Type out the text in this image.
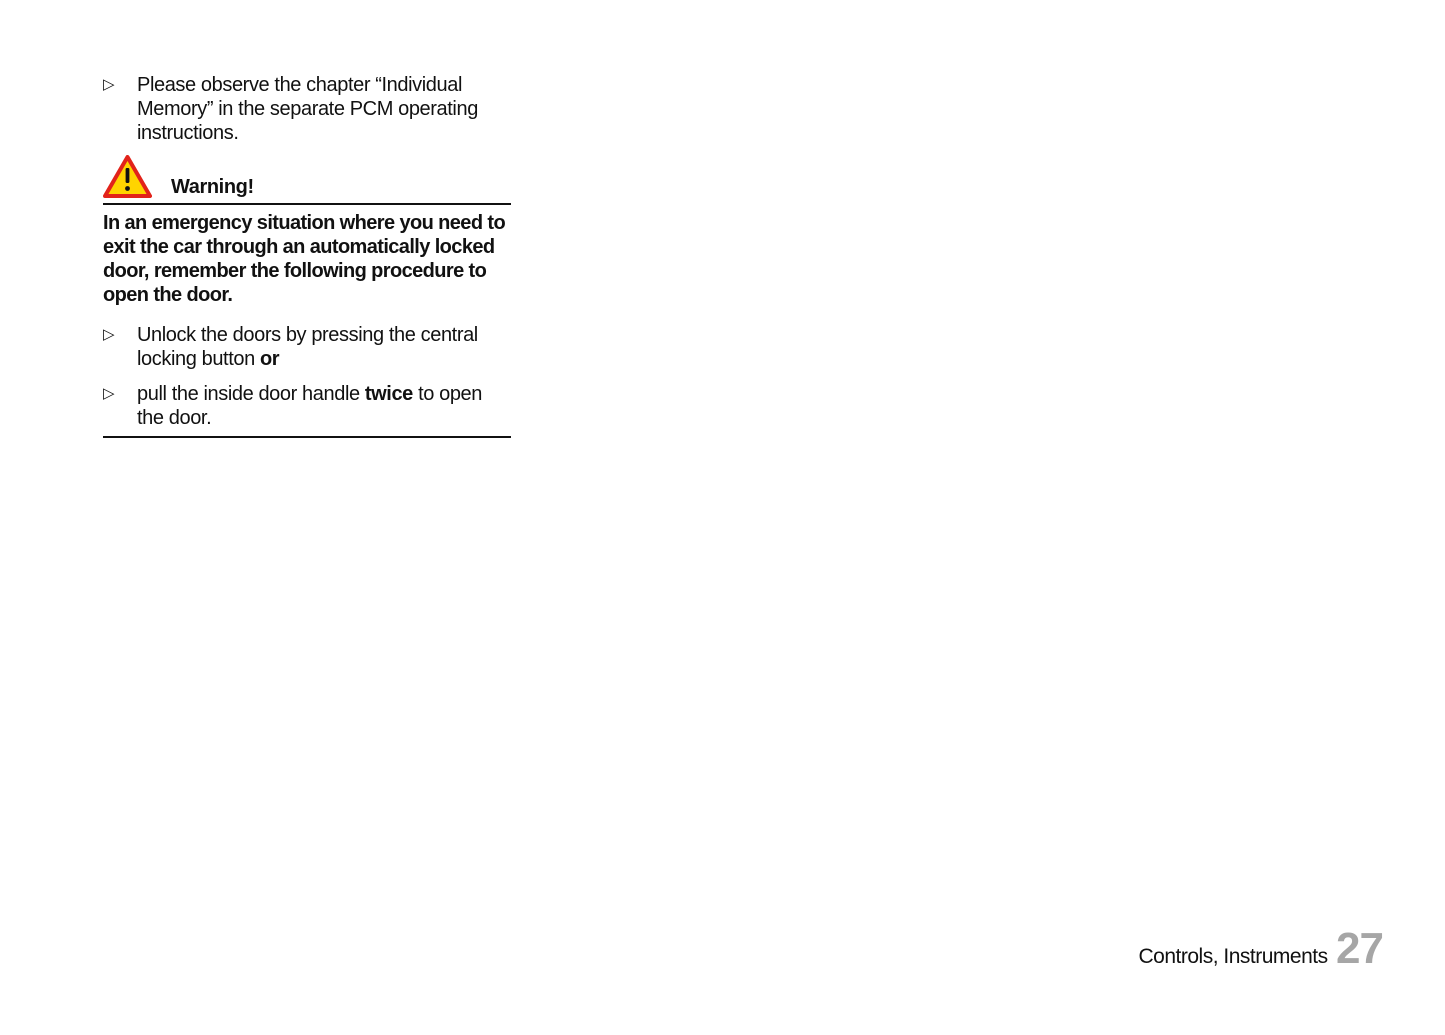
▷ Please observe the chapter “Individual Memory” in the separate PCM operating instructions.
Warning!
In an emergency situation where you need to exit the car through an automatically locked door, remember the following procedure to open the door.
▷ Unlock the doors by pressing the central locking button or
▷ pull the inside door handle twice to open the door.
Controls, Instruments 27
